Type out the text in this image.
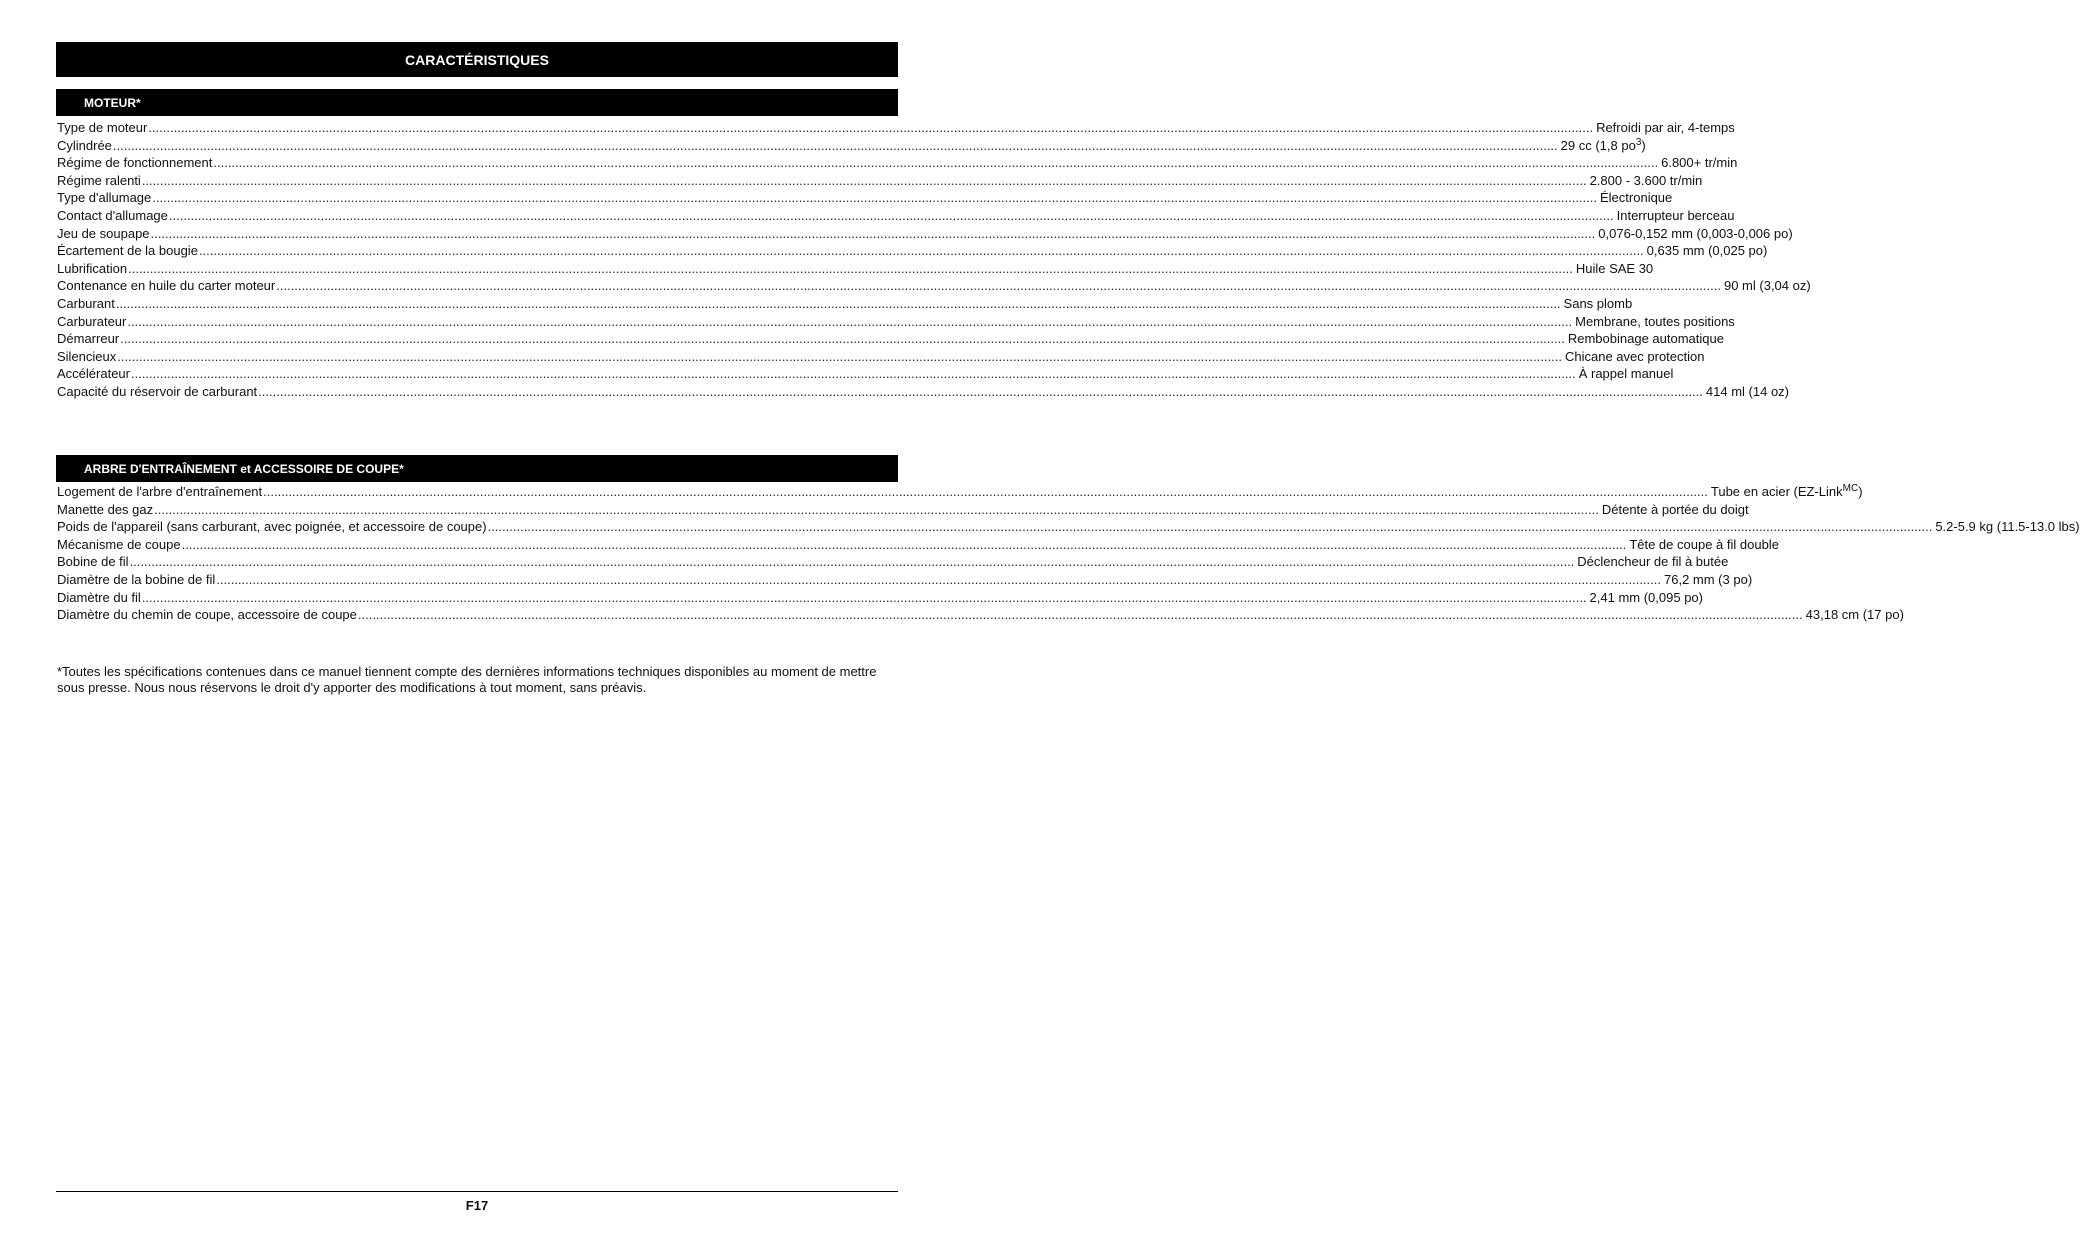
CARACTÉRISTIQUES
MOTEUR*
Type de moteur ................................................................................................................................................................................................................................................................................................................................................................................................................ Refroidi par air, 4-temps
Cylindrée ................................................................................................................................................................................................................................................................................................................................................................................................................ 29 cc (1,8 $po^3$)
Régime de fonctionnement ................................................................................................................................................................................................................................................................................................................................................................................................................ 6.800+ tr/min
Régime ralenti ................................................................................................................................................................................................................................................................................................................................................................................................................ 2.800 - 3.600 tr/min
Type d'allumage ................................................................................................................................................................................................................................................................................................................................................................................................................ Électronique
Contact d'allumage ................................................................................................................................................................................................................................................................................................................................................................................................................ Interrupteur berceau
Jeu de soupape ................................................................................................................................................................................................................................................................................................................................................................................................................ 0,076-0,152 mm (0,003-0,006 po)
Écartement de la bougie ................................................................................................................................................................................................................................................................................................................................................................................................................ 0,635 mm (0,025 po)
Lubrification ................................................................................................................................................................................................................................................................................................................................................................................................................ Huile SAE 30
Contenance en huile du carter moteur ................................................................................................................................................................................................................................................................................................................................................................................................................ 90 ml (3,04 oz)
Carburant ................................................................................................................................................................................................................................................................................................................................................................................................................ Sans plomb
Carburateur ................................................................................................................................................................................................................................................................................................................................................................................................................ Membrane, toutes positions
Démarreur ................................................................................................................................................................................................................................................................................................................................................................................................................ Rembobinage automatique
Silencieux ................................................................................................................................................................................................................................................................................................................................................................................................................ Chicane avec protection
Accélérateur ................................................................................................................................................................................................................................................................................................................................................................................................................ À rappel manuel
Capacité du réservoir de carburant ................................................................................................................................................................................................................................................................................................................................................................................................................ 414 ml (14 oz)
ARBRE D'ENTRAÎNEMENT et ACCESSOIRE DE COUPE*
Logement de l'arbre d'entraînement ................................................................................................................................................................................................................................................................................................................................................................................................................ Tube en acier (EZ-Link$^{MC}$)
Manette des gaz ................................................................................................................................................................................................................................................................................................................................................................................................................ Détente à portée du doigt
Poids de l'appareil (sans carburant, avec poignée, et accessoire de coupe) ................................................................................................................................................................................................................................................................................................................................................................................................................ 5.2-5.9 kg (11.5-13.0 lbs)
Mécanisme de coupe ................................................................................................................................................................................................................................................................................................................................................................................................................ Tête de coupe à fil double
Bobine de fil ................................................................................................................................................................................................................................................................................................................................................................................................................ Déclencheur de fil à butée
Diamètre de la bobine de fil ................................................................................................................................................................................................................................................................................................................................................................................................................ 76,2 mm (3 po)
Diamètre du fil ................................................................................................................................................................................................................................................................................................................................................................................................................ 2,41 mm (0,095 po)
Diamètre du chemin de coupe, accessoire de coupe ................................................................................................................................................................................................................................................................................................................................................................................................................ 43,18 cm (17 po)
*Toutes les spécifications contenues dans ce manuel tiennent compte des dernières informations techniques disponibles au moment de mettre sous presse. Nous nous réservons le droit d'y apporter des modifications à tout moment, sans préavis.
F17
